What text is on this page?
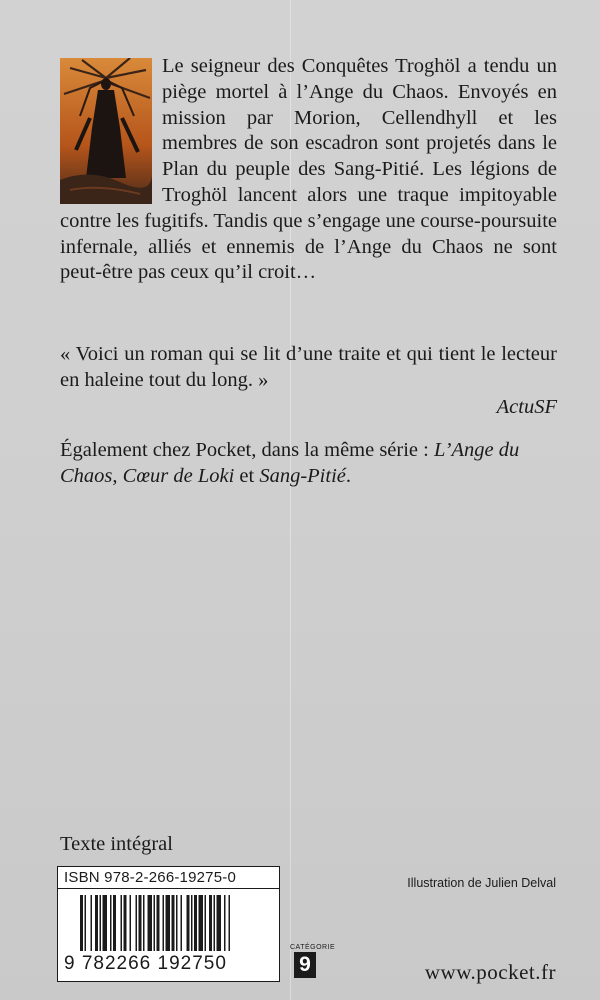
Le seigneur des Conquêtes Troghöl a tendu un piège mortel à l’Ange du Chaos. Envoyés en mission par Morion, Cellendhyll et les membres de son escadron sont projetés dans le Plan du peuple des Sang-Pitié. Les légions de Troghöl lancent alors une traque impitoyable contre les fugitifs. Tandis que s’engage une course-poursuite infernale, alliés et ennemis de l’Ange du Chaos ne sont peut-être pas ceux qu’il croit…

« Voici un roman qui se lit d’une traite et qui tient le lecteur en haleine tout du long. »

ActuSF

Également chez Pocket, dans la même série : L’Ange du Chaos, Cœur de Loki et Sang-Pitié.

Texte intégral
ISBN 978-2-266-19275-0
9 782266 192750
CATÉGORIE
9
Illustration de Julien Delval
www.pocket.fr
